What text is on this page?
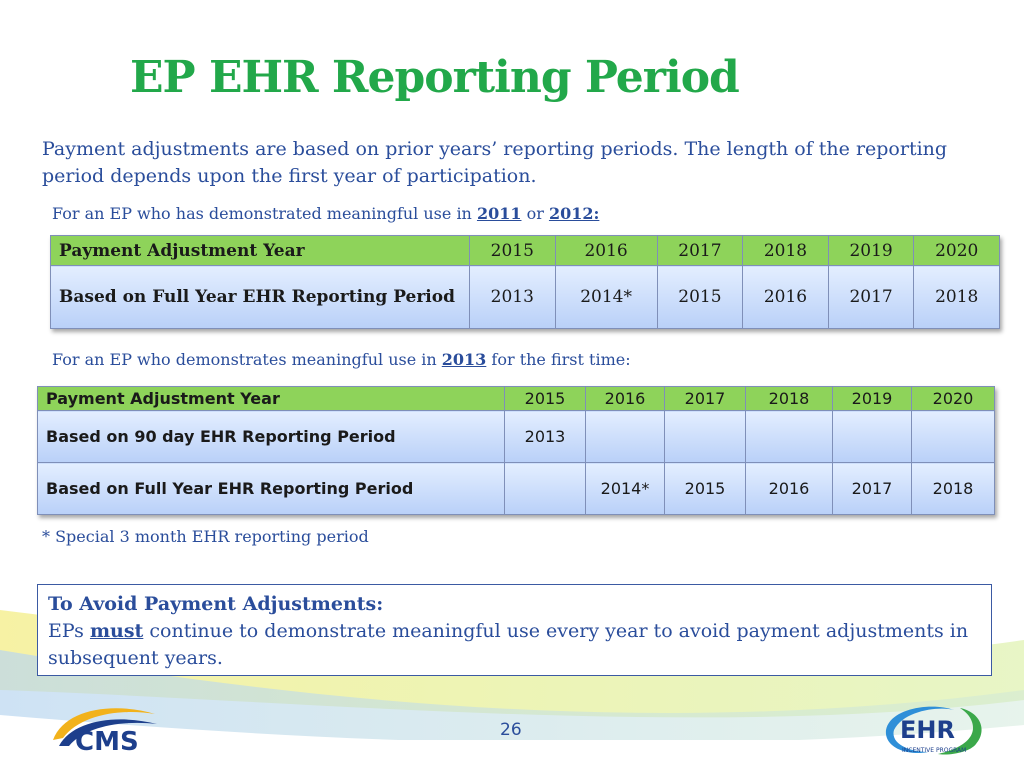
EP EHR Reporting Period
Payment adjustments are based on prior years’ reporting periods. The length of the reporting period depends upon the first year of participation.
For an EP who has demonstrated meaningful use in 2011 or 2012:
Payment Adjustment Year	2015	2016	2017	2018	2019	2020
Based on Full Year EHR Reporting Period	2013	2014*	2015	2016	2017	2018
For an EP who demonstrates meaningful use in 2013 for the first time:
Payment Adjustment Year	2015	2016	2017	2018	2019	2020
Based on 90 day EHR Reporting Period	2013					
Based on Full Year EHR Reporting Period		2014*	2015	2016	2017	2018
* Special 3 month EHR reporting period
To Avoid Payment Adjustments:
EPs must continue to demonstrate meaningful use every year to avoid payment adjustments in subsequent years.
CMS	26	EHR
INCENTIVE PROGRAM
